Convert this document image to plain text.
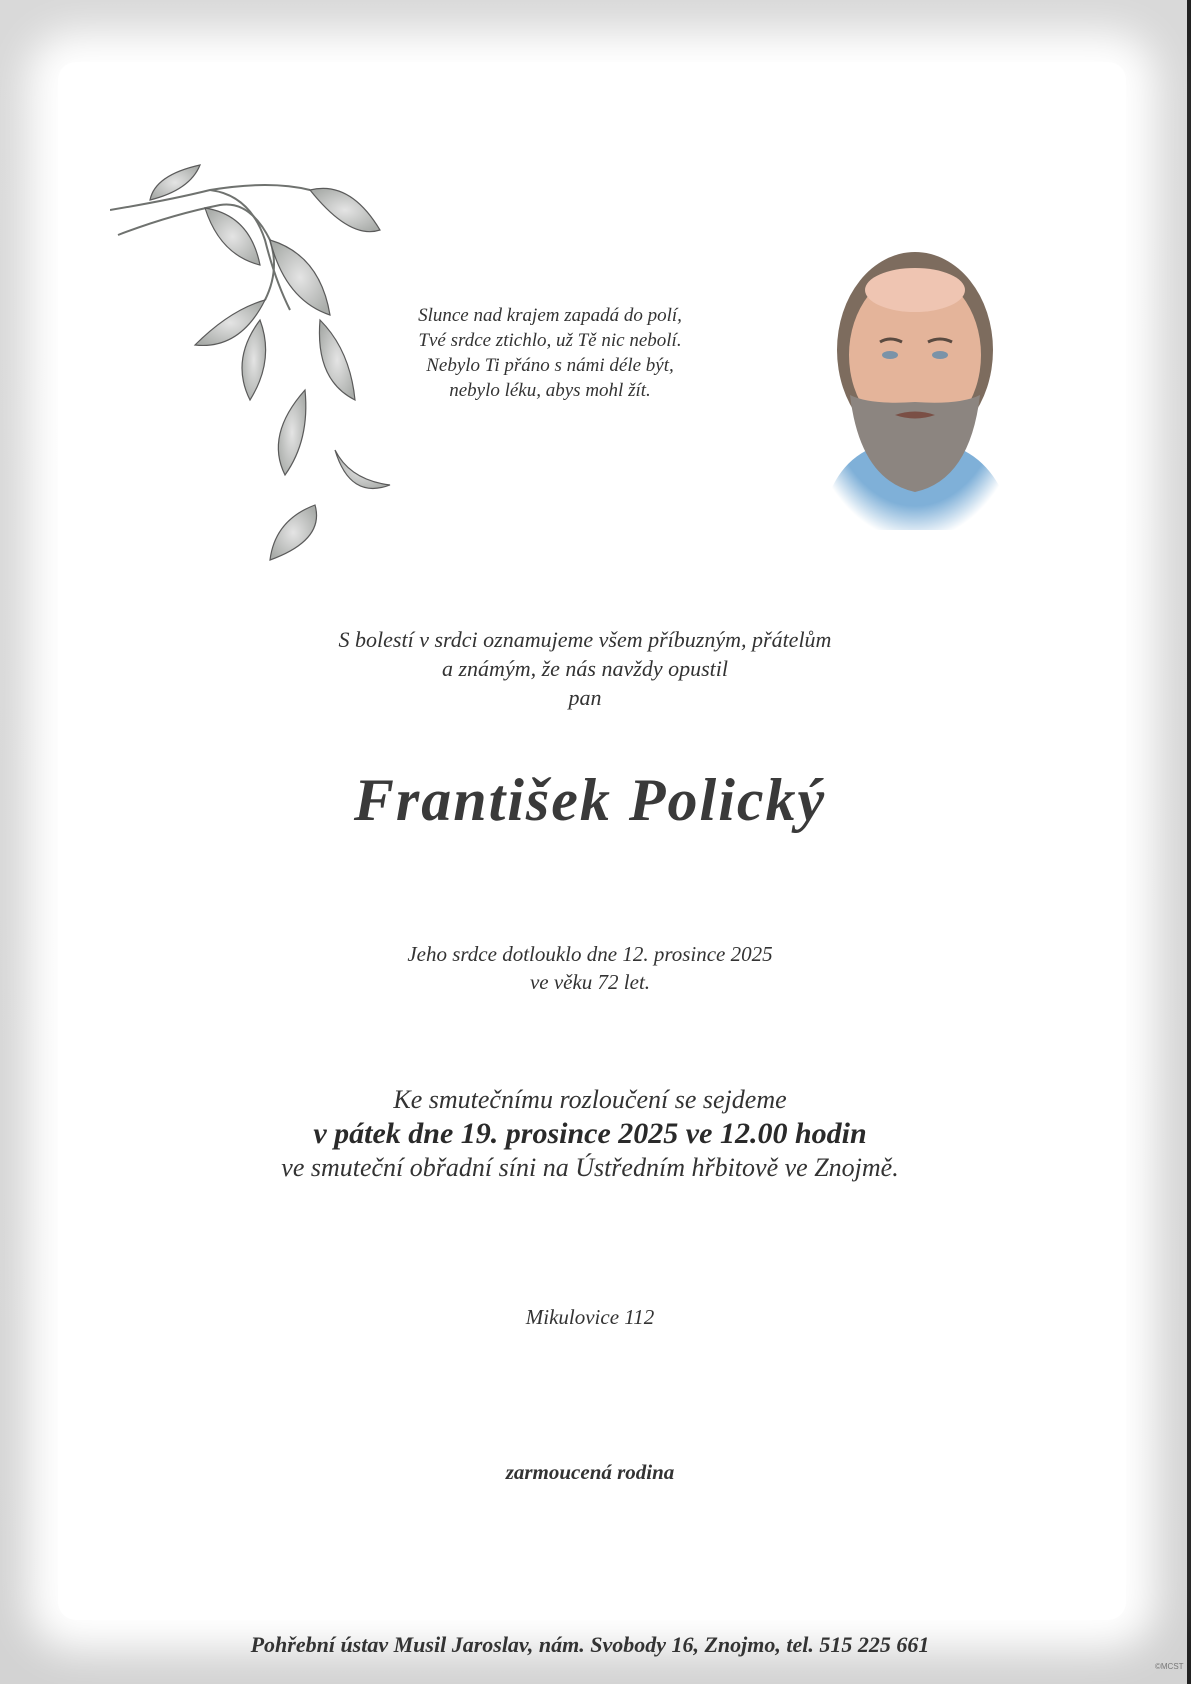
Slunce nad krajem zapadá do polí,
Tvé srdce ztichlo, už Tě nic nebolí.
Nebylo Ti přáno s námi déle být,
nebylo léku, abys mohl žít.
S bolestí v srdci oznamujeme všem příbuzným, přátelům
a známým, že nás navždy opustil
pan
František Polický
Jeho srdce dotlouklo dne 12. prosince 2025
ve věku 72 let.
Ke smutečnímu rozloučení se sejdeme
v pátek dne 19. prosince 2025 ve 12.00 hodin
ve smuteční obřadní síni na Ústředním hřbitově ve Znojmě.
Mikulovice 112
zarmoucená rodina
Pohřební ústav Musil Jaroslav, nám. Svobody 16, Znojmo, tel. 515 225 661
©MCST
